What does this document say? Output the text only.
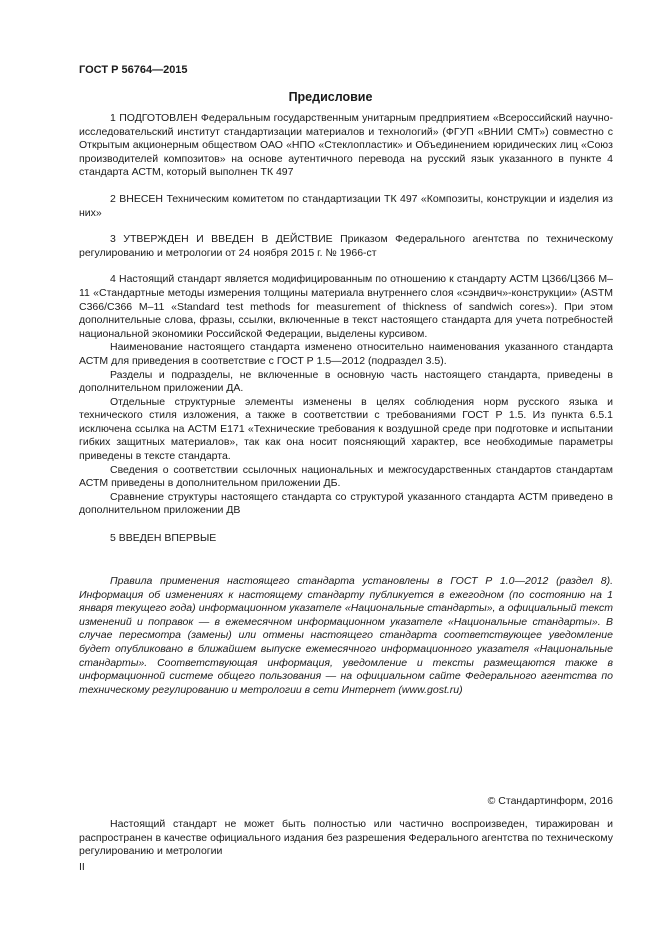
ГОСТ Р 56764—2015
Предисловие

1 ПОДГОТОВЛЕН Федеральным государственным унитарным предприятием «Всероссийский научно-исследовательский институт стандартизации материалов и технологий» (ФГУП «ВНИИ СМТ») совместно с Открытым акционерным обществом ОАО «НПО «Стеклопластик» и Объединением юридических лиц «Союз производителей композитов» на основе аутентичного перевода на русский язык указанного в пункте 4 стандарта АСТМ, который выполнен ТК 497

2 ВНЕСЕН Техническим комитетом по стандартизации ТК 497 «Композиты, конструкции и изделия из них»

3 УТВЕРЖДЕН И ВВЕДЕН В ДЕЙСТВИЕ Приказом Федерального агентства по техническому регулированию и метрологии от 24 ноября 2015 г. № 1966-ст

4 Настоящий стандарт является модифицированным по отношению к стандарту АСТМ Ц366/Ц366 М–11 «Стандартные методы измерения толщины материала внутреннего слоя «сэндвич»-конструкции» (ASTM C366/C366 M–11 «Standard test methods for measurement of thickness of sandwich cores»). При этом дополнительные слова, фразы, ссылки, включенные в текст настоящего стандарта для учета потребностей национальной экономики Российской Федерации, выделены курсивом.

Наименование настоящего стандарта изменено относительно наименования указанного стандарта АСТМ для приведения в соответствие с ГОСТ Р 1.5—2012 (подраздел 3.5).

Разделы и подразделы, не включенные в основную часть настоящего стандарта, приведены в дополнительном приложении ДА.

Отдельные структурные элементы изменены в целях соблюдения норм русского языка и технического стиля изложения, а также в соответствии с требованиями ГОСТ Р 1.5. Из пункта 6.5.1 исключена ссылка на АСТМ Е171 «Технические требования к воздушной среде при подготовке и испытании гибких защитных материалов», так как она носит поясняющий характер, все необходимые параметры приведены в тексте стандарта.

Сведения о соответствии ссылочных национальных и межгосударственных стандартов стандартам АСТМ приведены в дополнительном приложении ДБ.

Сравнение структуры настоящего стандарта со структурой указанного стандарта АСТМ приведено в дополнительном приложении ДВ

5 ВВЕДЕН ВПЕРВЫЕ

Правила применения настоящего стандарта установлены в ГОСТ Р 1.0—2012 (раздел 8). Информация об изменениях к настоящему стандарту публикуется в ежегодном (по состоянию на 1 января текущего года) информационном указателе «Национальные стандарты», а официальный текст изменений и поправок — в ежемесячном информационном указателе «Национальные стандарты». В случае пересмотра (замены) или отмены настоящего стандарта соответствующее уведомление будет опубликовано в ближайшем выпуске ежемесячного информационного указателя «Национальные стандарты». Соответствующая информация, уведомление и тексты размещаются также в информационной системе общего пользования — на официальном сайте Федерального агентства по техническому регулированию и метрологии в сети Интернет (www.gost.ru)

© Стандартинформ, 2016

Настоящий стандарт не может быть полностью или частично воспроизведен, тиражирован и распространен в качестве официального издания без разрешения Федерального агентства по техническому регулированию и метрологии

II
